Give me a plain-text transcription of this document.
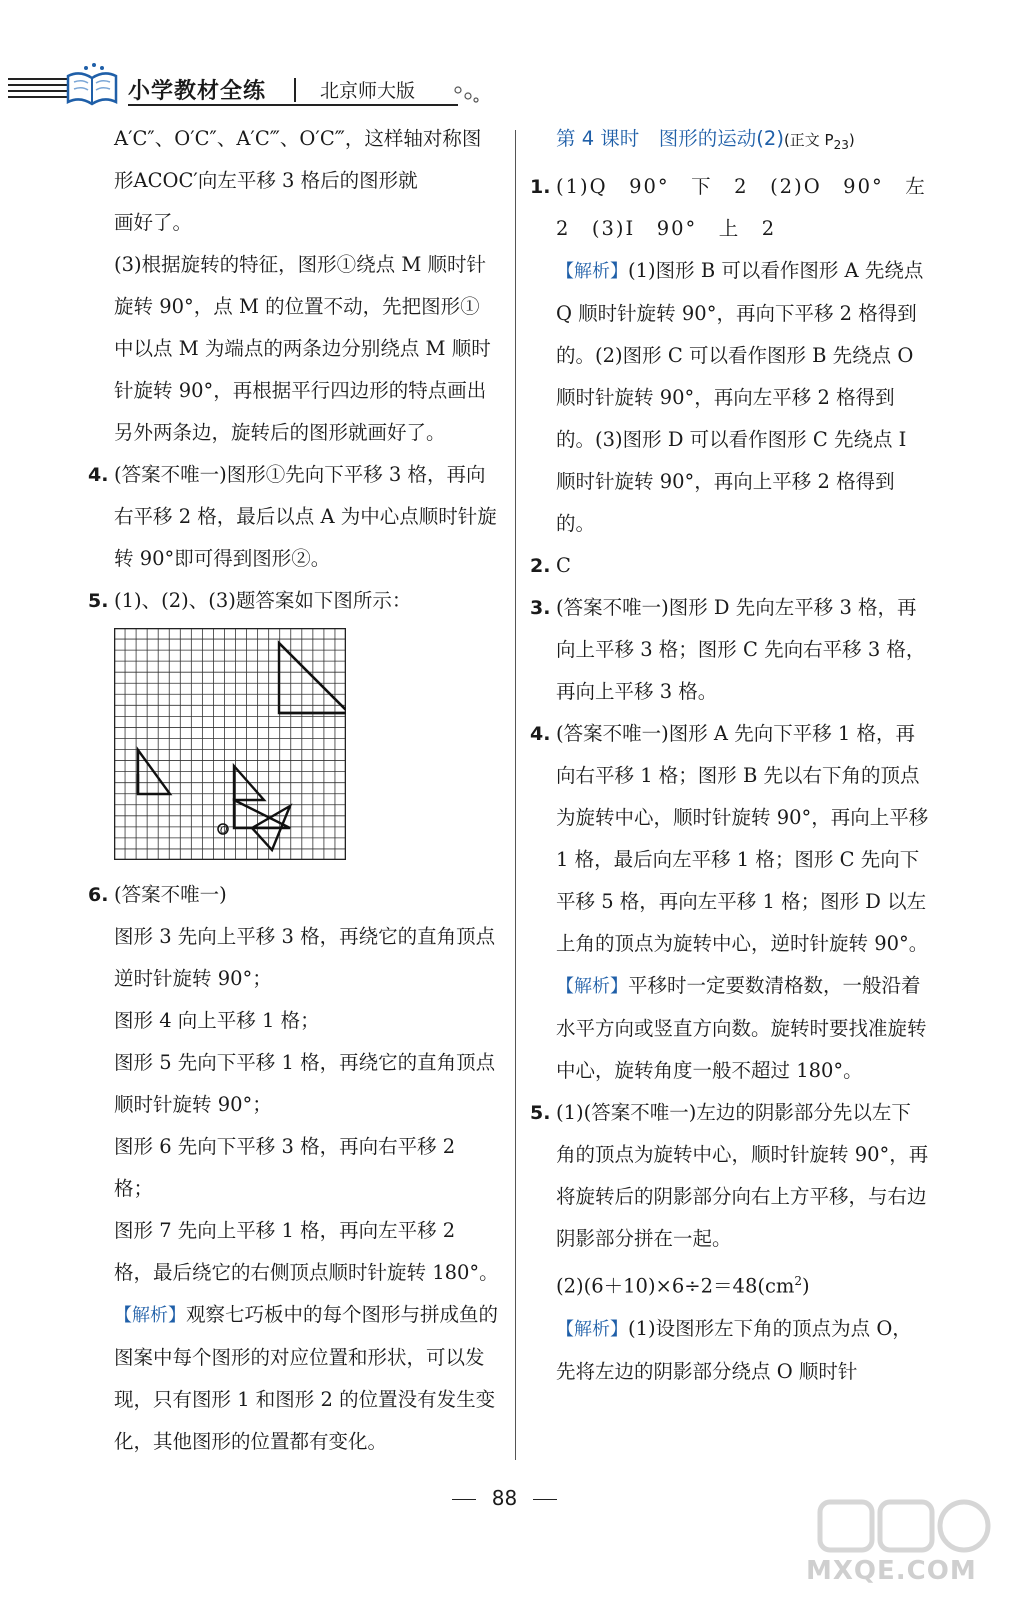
小学教材全练	北京师大版

A′C″、O′C″、A′C‴、O′C‴，这样轴对称图

形ACOC′向左平移 3 格后的图形就

画好了。

(3)根据旋转的特征，图形①绕点 M 顺时针旋转 90°，点 M 的位置不动，先把图形① 中以点 M 为端点的两条边分别绕点 M 顺时针旋转 90°，再根据平行四边形的特点画出另外两条边，旋转后的图形就画好了。

4. (答案不唯一)图形①先向下平移 3 格，再向右平移 2 格，最后以点 A 为中心点顺时针旋转 90°即可得到图形②。

5. (1)、(2)、(3)题答案如下图所示：

O
6. (答案不唯一)

图形 3 先向上平移 3 格，再绕它的直角顶点逆时针旋转 90°；

图形 4 向上平移 1 格；

图形 5 先向下平移 1 格，再绕它的直角顶点顺时针旋转 90°；

图形 6 先向下平移 3 格，再向右平移 2 格；

图形 7 先向上平移 1 格，再向左平移 2 格，最后绕它的右侧顶点顺时针旋转 180°。

【解析】观察七巧板中的每个图形与拼成鱼的图案中每个图形的对应位置和形状，可以发现，只有图形 1 和图形 2 的位置没有发生变化，其他图形的位置都有变化。

第 4 课时　图形的运动(2)(正文 $P_{23}$)

1. (1)Q　90°　下　2　(2)O　90°　左

2　(3)I　90°　上　2

【解析】(1)图形 B 可以看作图形 A 先绕点 Q 顺时针旋转 90°，再向下平移 2 格得到的。(2)图形 C 可以看作图形 B 先绕点 O 顺时针旋转 90°，再向左平移 2 格得到的。(3)图形 D 可以看作图形 C 先绕点 I 顺时针旋转 90°，再向上平移 2 格得到的。

2. C

3. (答案不唯一)图形 D 先向左平移 3 格，再向上平移 3 格；图形 C 先向右平移 3 格，再向上平移 3 格。

4. (答案不唯一)图形 A 先向下平移 1 格，再向右平移 1 格；图形 B 先以右下角的顶点为旋转中心，顺时针旋转 90°，再向上平移 1 格，最后向左平移 1 格；图形 C 先向下平移 5 格，再向左平移 1 格；图形 D 以左上角的顶点为旋转中心，逆时针旋转 90°。

【解析】平移时一定要数清格数，一般沿着水平方向或竖直方向数。旋转时要找准旋转中心，旋转角度一般不超过 180°。

5. (1)(答案不唯一)左边的阴影部分先以左下角的顶点为旋转中心，顺时针旋转 90°，再将旋转后的阴影部分向右上方平移，与右边阴影部分拼在一起。

$(2)(6+10)\times 6\div 2=48(cm^2)$

【解析】(1)设图形左下角的顶点为点 O，先将左边的阴影部分绕点 O 顺时针

88
MXQE.COM
